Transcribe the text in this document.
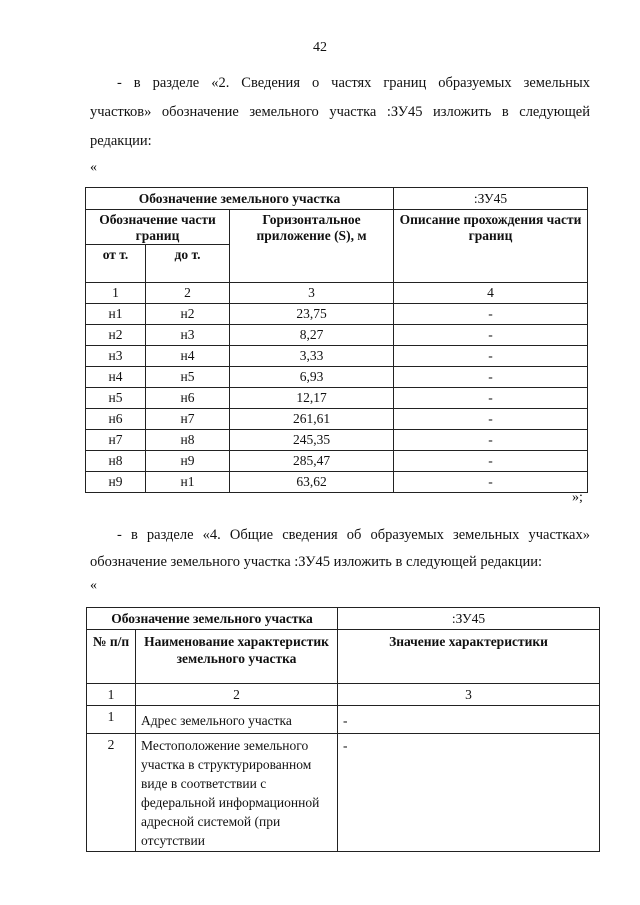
42
- в разделе «2. Сведения о частях границ образуемых земельных
участков» обозначение земельного участка :ЗУ45 изложить в следующей
редакции:
«
Обозначение земельного участка			:ЗУ45
Обозначение части границ		Горизонтальное приложение (S), м	Описание прохождения части границ
от т.	до т.		
1	2	3	4
н1	н2	23,75	-
н2	н3	8,27	-
н3	н4	3,33	-
н4	н5	6,93	-
н5	н6	12,17	-
н6	н7	261,61	-
н7	н8	245,35	-
н8	н9	285,47	-
н9	н1	63,62	-
»;
- в разделе «4. Общие сведения об образуемых земельных участках»
обозначение земельного участка :ЗУ45 изложить в следующей редакции:
«
Обозначение земельного участка		:ЗУ45
№ п/п	Наименование характеристик земельного участка	Значение характеристики
1	2	3
1	Адрес земельного участка	-
2	Местоположение земельного участка в структурированном виде в соответствии с федеральной информационной адресной системой (при отсутствии	-
